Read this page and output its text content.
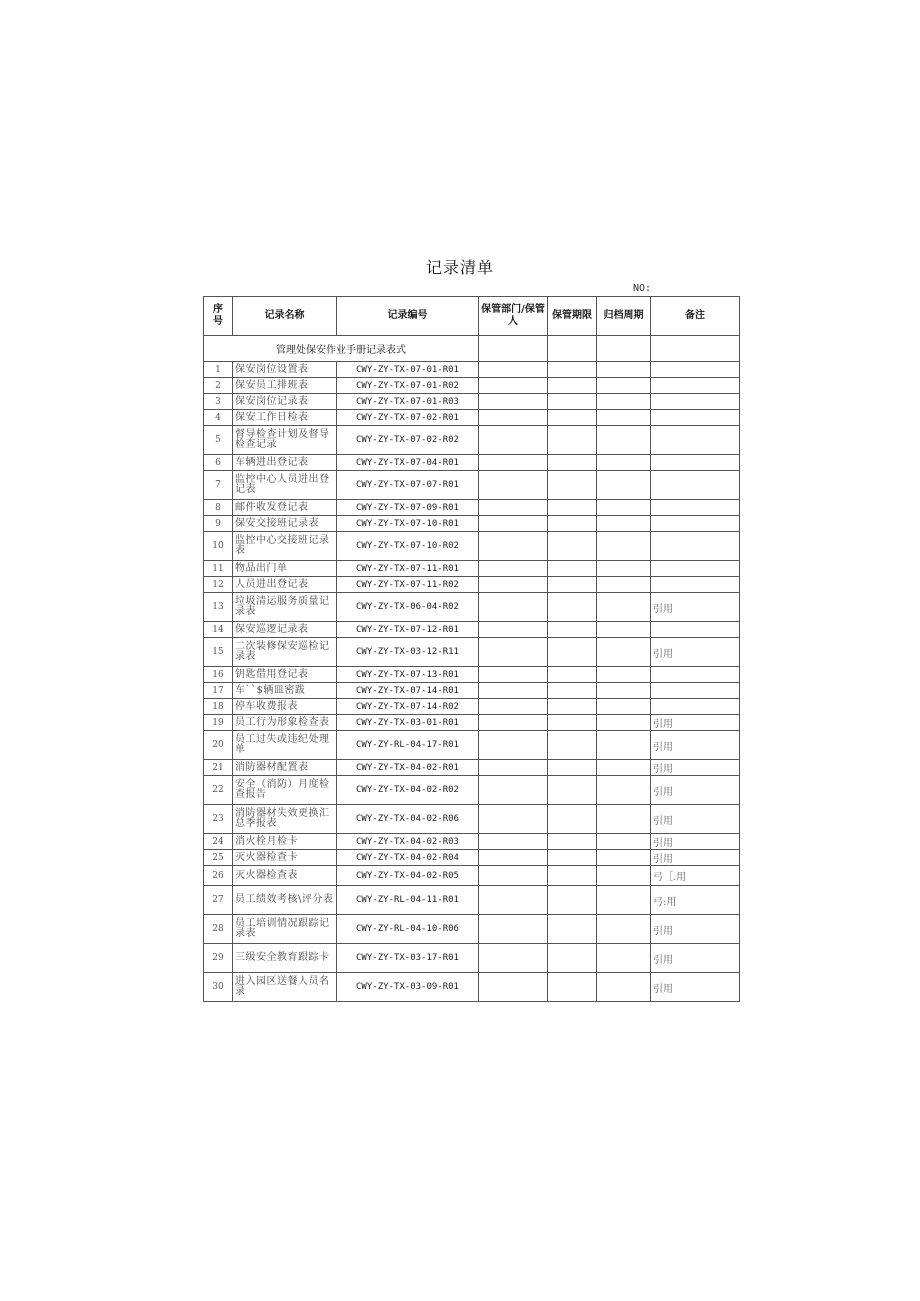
记录清单
NO:
序号	记录名称	记录编号	保管部门/保管人	保管期限	归档周期	备注
管理处保安作业手册记录表式						
1	保安岗位设置表	CWY-ZY-TX-07-01-R01				
2	保安员工排班表	CWY-ZY-TX-07-01-R02				
3	保安岗位记录表	CWY-ZY-TX-07-01-R03				
4	保安工作日检表	CWY-ZY-TX-07-02-R01				
5	督导检查计划及督导检查记录	CWY-ZY-TX-07-02-R02				
6	车辆进出登记表	CWY-ZY-TX-07-04-R01				
7	监控中心人员进出登记表	CWY-ZY-TX-07-07-R01				
8	邮件收发登记表	CWY-ZY-TX-07-09-R01				
9	保安交接班记录表	CWY-ZY-TX-07-10-R01				
10	监控中心交接班记录表	CWY-ZY-TX-07-10-R02				
11	物品出门单	CWY-ZY-TX-07-11-R01				
12	人员进出登记表	CWY-ZY-TX-07-11-R02				
13	垃圾清运服务质量记录表	CWY-ZY-TX-06-04-R02				引用
14	保安巡逻记录表	CWY-ZY-TX-07-12-R01				
15	二次装修保安巡检记录表	CWY-ZY-TX-03-12-R11				引用
16	钥匙借用登记表	CWY-ZY-TX-07-13-R01				
17	车``$辆皿密跋	CWY-ZY-TX-07-14-R01				
18	停车收费报表	CWY-ZY-TX-07-14-R02				
19	员工行为形象检查表	CWY-ZY-TX-03-01-R01				引用
20	员工过失或违纪处理单	CWY-ZY-RL-04-17-R01				引用
21	消防器材配置表	CWY-ZY-TX-04-02-R01				引用
22	安全（消防）月度检查报告	CWY-ZY-TX-04-02-R02				引用
23	消防器材失效更换汇总季报表	CWY-ZY-TX-04-02-R06				引用
24	消火栓月检卡	CWY-ZY-TX-04-02-R03				引用
25	灭火器检查卡	CWY-ZY-TX-04-02-R04				引用
26	灭火器检查表	CWY-ZY-TX-04-02-R05				弓［.用
27	员工绩效考核\评分表	CWY-ZY-RL-04-11-R01				弓:用
28	员工培训情况跟踪记录表	CWY-ZY-RL-04-10-R06				引用
29	三级安全教育跟踪卡	CWY-ZY-TX-03-17-R01				引用
30	进入园区送餐人员名录	CWY-ZY-TX-03-09-R01				引用
